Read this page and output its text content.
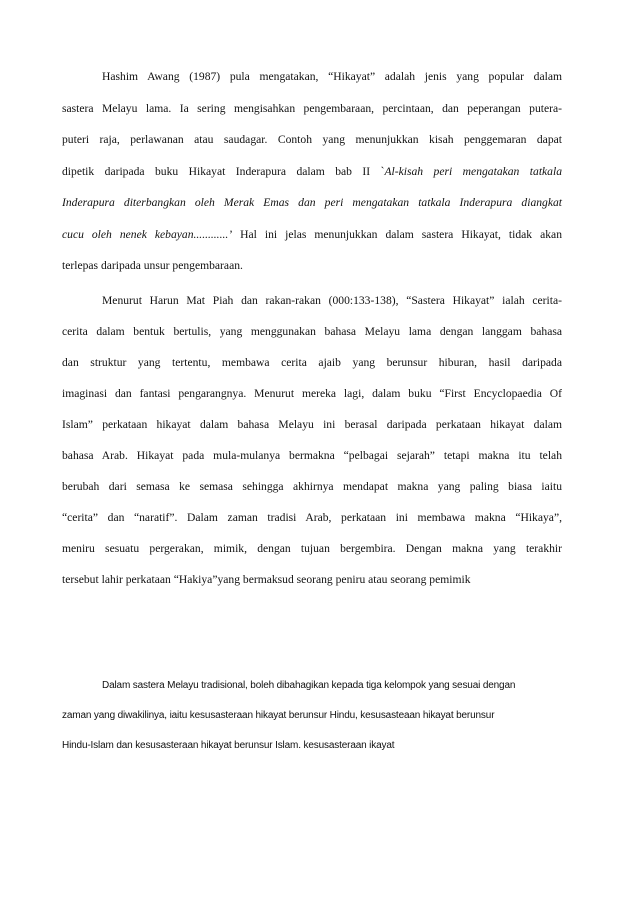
Hashim Awang (1987) pula mengatakan, “Hikayat” adalah jenis yang popular dalam
sastera Melayu lama. Ia sering mengisahkan pengembaraan, percintaan, dan peperangan putera-
puteri raja, perlawanan atau saudagar. Contoh yang menunjukkan kisah penggemaran dapat
dipetik daripada buku Hikayat Inderapura dalam bab II `Al-kisah peri mengatakan tatkala
Inderapura diterbangkan oleh Merak Emas dan peri mengatakan tatkala Inderapura diangkat
cucu oleh nenek kebayan............’ Hal ini jelas menunjukkan dalam sastera Hikayat, tidak akan
terlepas daripada unsur pengembaraan.
Menurut Harun Mat Piah dan rakan-rakan (000:133-138), “Sastera Hikayat” ialah cerita-
cerita dalam bentuk bertulis, yang menggunakan bahasa Melayu lama dengan langgam bahasa
dan struktur yang tertentu, membawa cerita ajaib yang berunsur hiburan, hasil daripada
imaginasi dan fantasi pengarangnya. Menurut mereka lagi, dalam buku “First Encyclopaedia Of
Islam” perkataan hikayat dalam bahasa Melayu ini berasal daripada perkataan hikayat dalam
bahasa Arab. Hikayat pada mula-mulanya bermakna “pelbagai sejarah” tetapi makna itu telah
berubah dari semasa ke semasa sehingga akhirnya mendapat makna yang paling biasa iaitu
“cerita” dan “naratif”. Dalam zaman tradisi Arab, perkataan ini membawa makna “Hikaya”,
meniru sesuatu pergerakan, mimik, dengan tujuan bergembira. Dengan makna yang terakhir
tersebut lahir perkataan “Hakiya”yang bermaksud seorang peniru atau seorang pemimik
Dalam sastera Melayu tradisional, boleh dibahagikan kepada tiga kelompok yang sesuai dengan
zaman yang diwakilinya, iaitu kesusasteraan hikayat berunsur Hindu, kesusasteaan hikayat berunsur
Hindu-Islam dan kesusasteraan hikayat berunsur Islam. kesusasteraan ikayat
